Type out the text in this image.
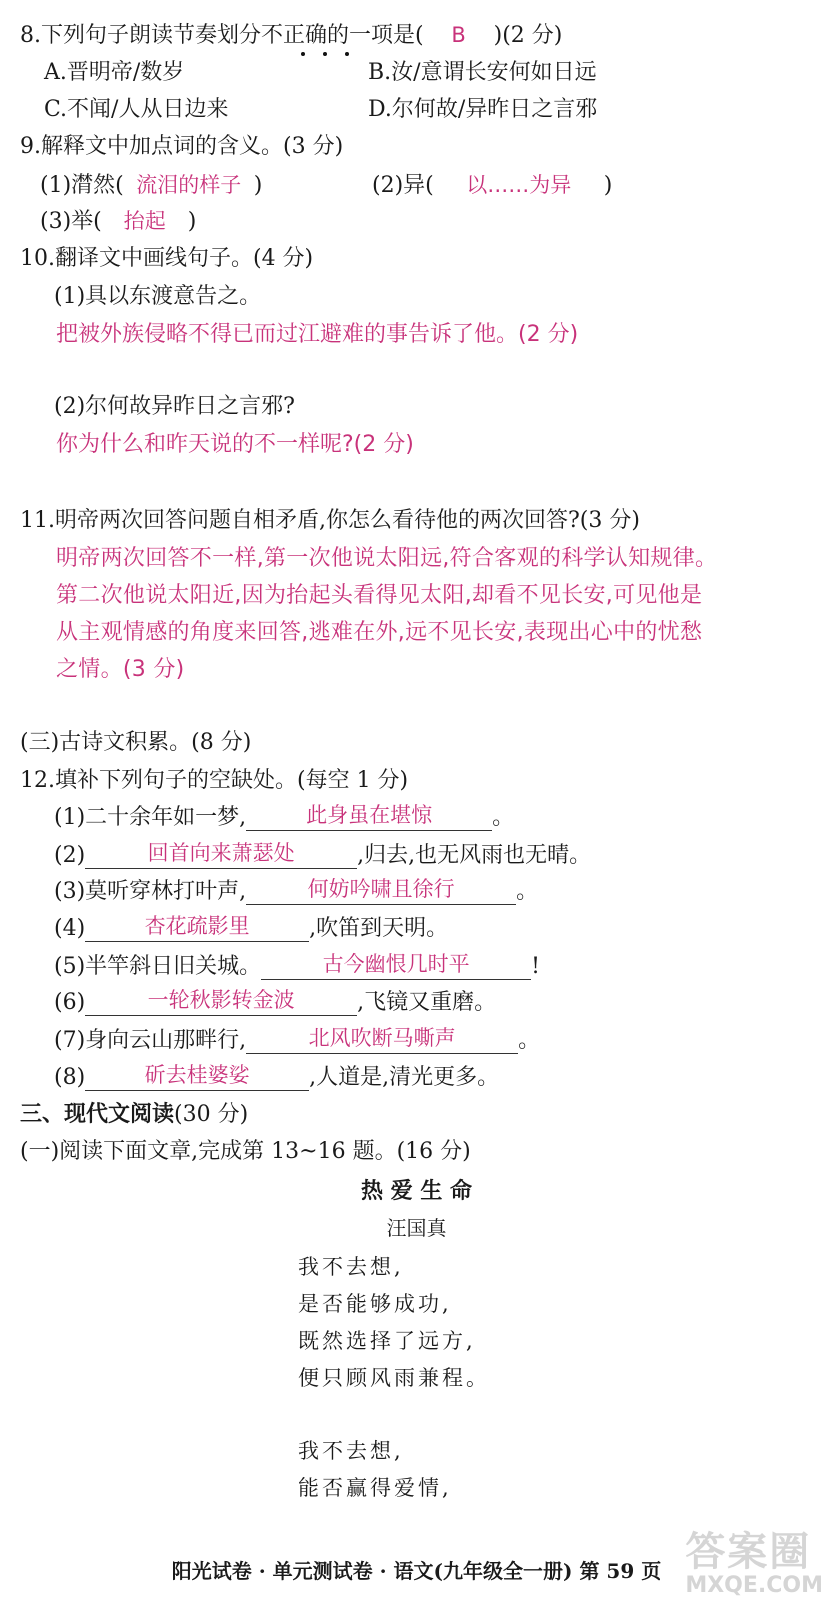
8.下列句子朗读节奏划分不正确的一项是( B )(2 分)
A.晋明帝/数岁	B.汝/意谓长安何如日远
C.不闻/人从日边来	D.尔何故/异昨日之言邪
9.解释文中加点词的含义。(3 分)
(1)潸然( 流泪的样子 )	(2)异( 以……为异 )
(3)举( 抬起 )
10.翻译文中画线句子。(4 分)
(1)具以东渡意告之。
把被外族侵略不得已而过江避难的事告诉了他。(2 分)
(2)尔何故异昨日之言邪?
你为什么和昨天说的不一样呢?(2 分)
11.明帝两次回答问题自相矛盾,你怎么看待他的两次回答?(3 分)
明帝两次回答不一样,第一次他说太阳远,符合客观的科学认知规律。
第二次他说太阳近,因为抬起头看得见太阳,却看不见长安,可见他是
从主观情感的角度来回答,逃难在外,远不见长安,表现出心中的忧愁
之情。(3 分)
(三)古诗文积累。(8 分)
12.填补下列句子的空缺处。(每空 1 分)
(1)二十余年如一梦,	此身虽在堪惊	。
(2)	回首向来萧瑟处	,归去,也无风雨也无晴。
(3)莫听穿林打叶声,	何妨吟啸且徐行	。
(4)	杏花疏影里	,吹笛到天明。
(5)半竿斜日旧关城。	古今幽恨几时平	!
(6)	一轮秋影转金波	,飞镜又重磨。
(7)身向云山那畔行,	北风吹断马嘶声	。
(8)	斫去桂婆娑	,人道是,清光更多。
三、现代文阅读(30 分)
(一)阅读下面文章,完成第 13~16 题。(16 分)
热 爱 生 命
汪国真
我不去想,
是否能够成功,
既然选择了远方,
便只顾风雨兼程。
我不去想,
能否赢得爱情,
阳光试卷 · 单元测试卷 · 语文(九年级全一册) 第 59 页 答案圈
MXQE.COM
